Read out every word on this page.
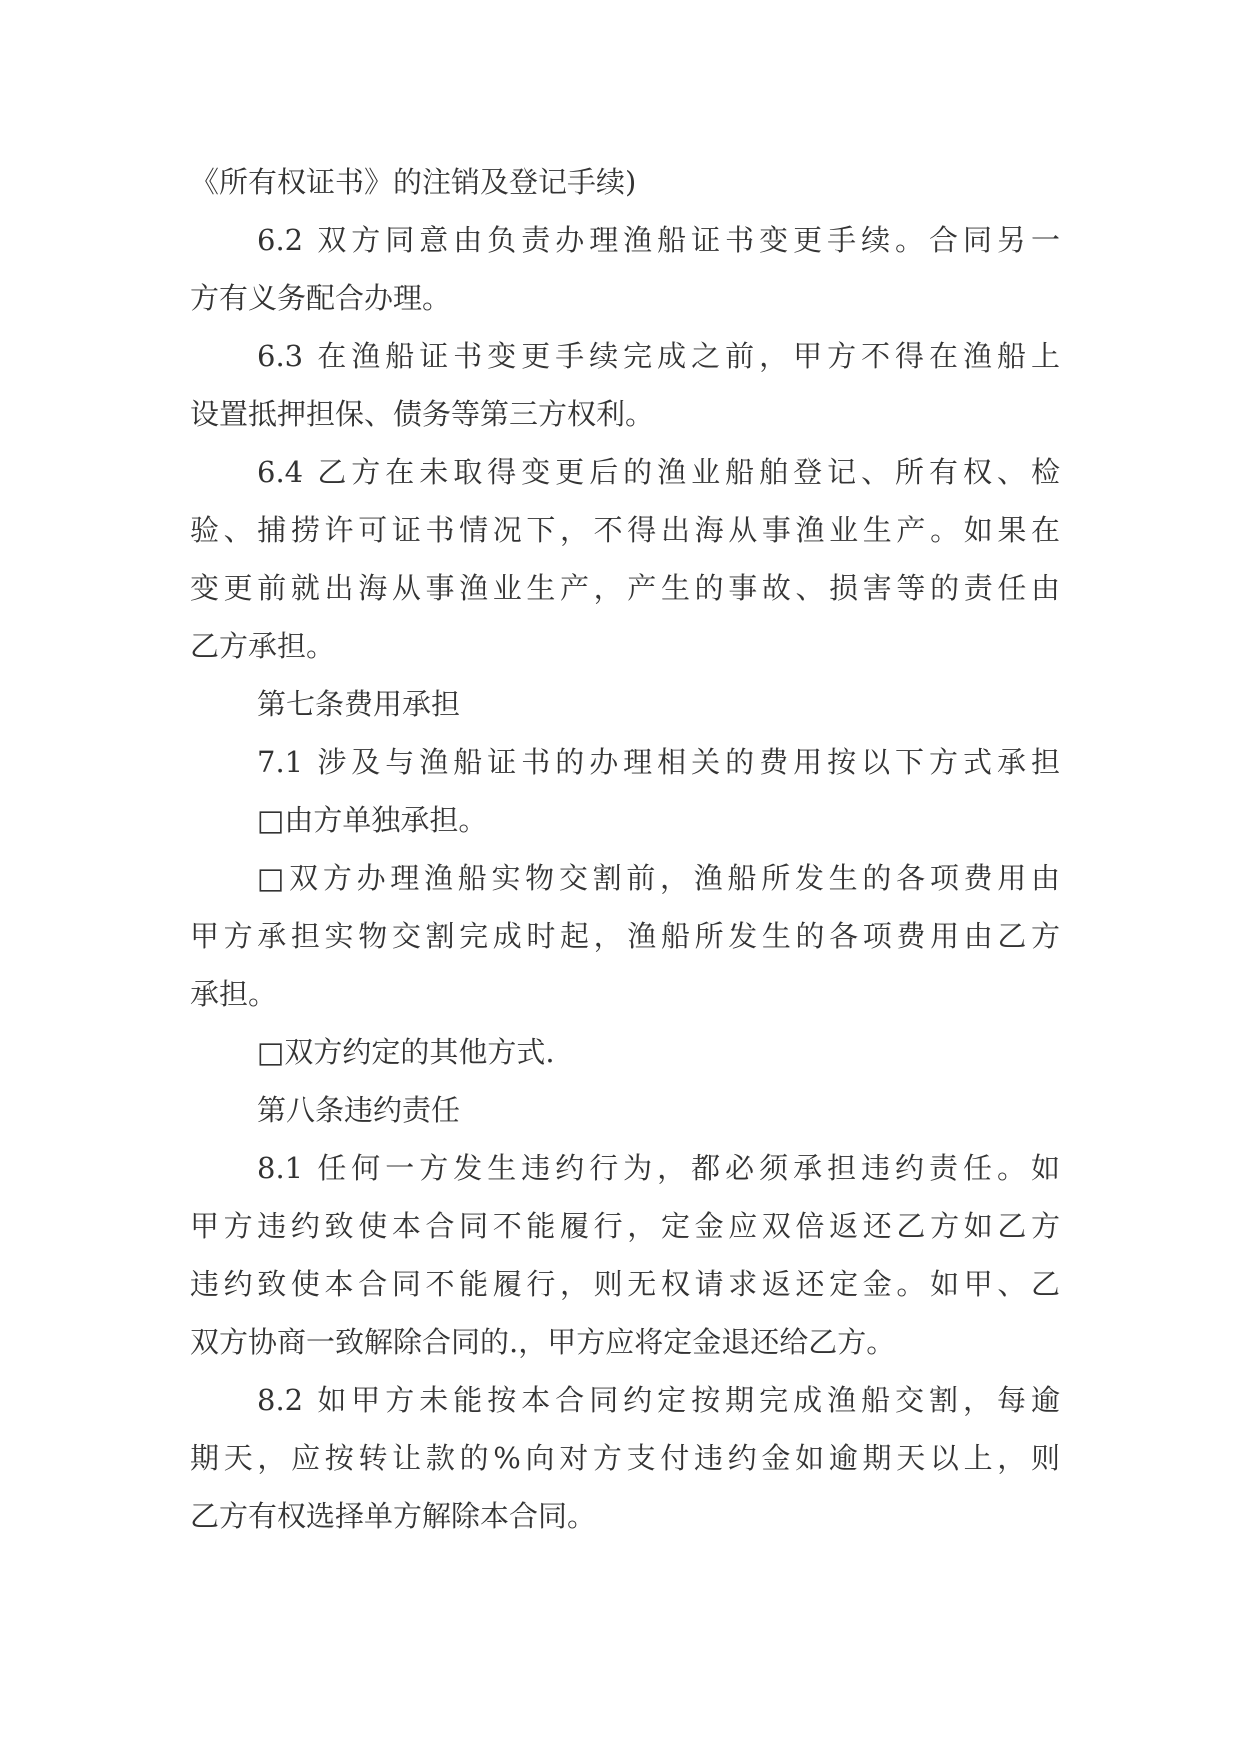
《所有权证书》的注销及登记手续)
6.2 双方同意由负责办理渔船证书变更手续。合同另一
方有义务配合办理。
6.3 在渔船证书变更手续完成之前，甲方不得在渔船上
设置抵押担保、债务等第三方权利。
6.4 乙方在未取得变更后的渔业船舶登记、所有权、检
验、捕捞许可证书情况下，不得出海从事渔业生产。如果在
变更前就出海从事渔业生产，产生的事故、损害等的责任由
乙方承担。
第七条费用承担
7.1 涉及与渔船证书的办理相关的费用按以下方式承担
□由方单独承担。
□双方办理渔船实物交割前，渔船所发生的各项费用由
甲方承担实物交割完成时起，渔船所发生的各项费用由乙方
承担。
□双方约定的其他方式.
第八条违约责任
8.1 任何一方发生违约行为，都必须承担违约责任。如
甲方违约致使本合同不能履行，定金应双倍返还乙方如乙方
违约致使本合同不能履行，则无权请求返还定金。如甲、乙
双方协商一致解除合同的.，甲方应将定金退还给乙方。
8.2 如甲方未能按本合同约定按期完成渔船交割，每逾
期天，应按转让款的%向对方支付违约金如逾期天以上，则
乙方有权选择单方解除本合同。
